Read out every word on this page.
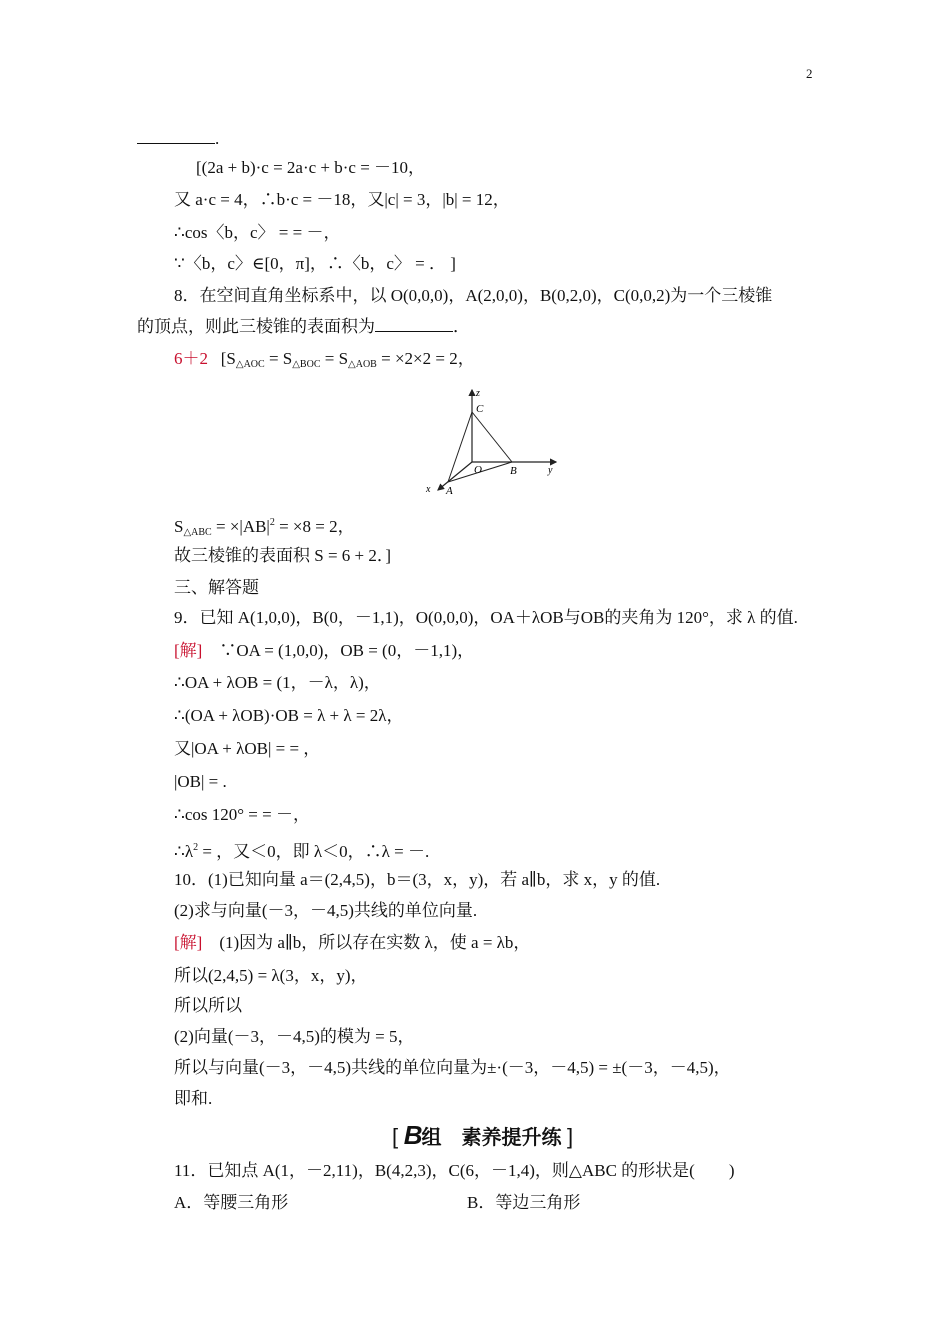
2
.
[(2a + b)·c = 2a·c + b·c = －10，
又 a·c = 4，∴b·c = －18，又|c| = 3，|b| = 12，
∴cos〈b，c〉 = = －，
∵〈b，c〉∈[0，π]，∴〈b，c〉 = ． ]
8．在空间直角坐标系中，以 O(0,0,0)，A(2,0,0)，B(0,2,0)，C(0,0,2)为一个三棱锥
的顶点，则此三棱锥的表面积为	．
6＋2 [$S_{\triangle AOC} = S_{\triangle BOC} = S_{\triangle AOB} = \times 2\times 2 = 2$，
z
C
O	B	y
x A
$S_{\triangle ABC} = \times|AB|^2 = \times 8 = 2$，
故三棱锥的表面积 S = 6 + 2．]
三、解答题
9．已知 A(1,0,0)，B(0，－1,1)，O(0,0,0)，OA＋λOB与OB的夹角为 120°，求 λ 的值.
[解] ∵OA = (1,0,0)，OB = (0，－1,1)，
∴OA + λOB = (1，－λ，λ)，
∴(OA + λOB)·OB = λ + λ = 2λ，
又|OA + λOB| = = ，
|OB| = .
∴cos 120° = = －，
$\therefore\lambda^2$ = ，又＜0，即 λ＜0，∴λ = －.
10．(1)已知向量 a＝(2,4,5)，b＝(3，x，y)，若 a∥b，求 x，y 的值.
(2)求与向量(－3，－4,5)共线的单位向量.
[解] (1)因为 a∥b，所以存在实数 λ，使 a = λb，
所以(2,4,5) = λ(3，x，y)，
所以所以
(2)向量(－3，－4,5)的模为 = 5，
所以与向量(－3，－4,5)共线的单位向量为±·(－3，－4,5) = ±(－3，－4,5)，
即和.
[ B组　素养提升练 ]
11．已知点 A(1，－2,11)，B(4,2,3)，C(6，－1,4)，则△ABC 的形状是(　　)
A．等腰三角形	B．等边三角形
